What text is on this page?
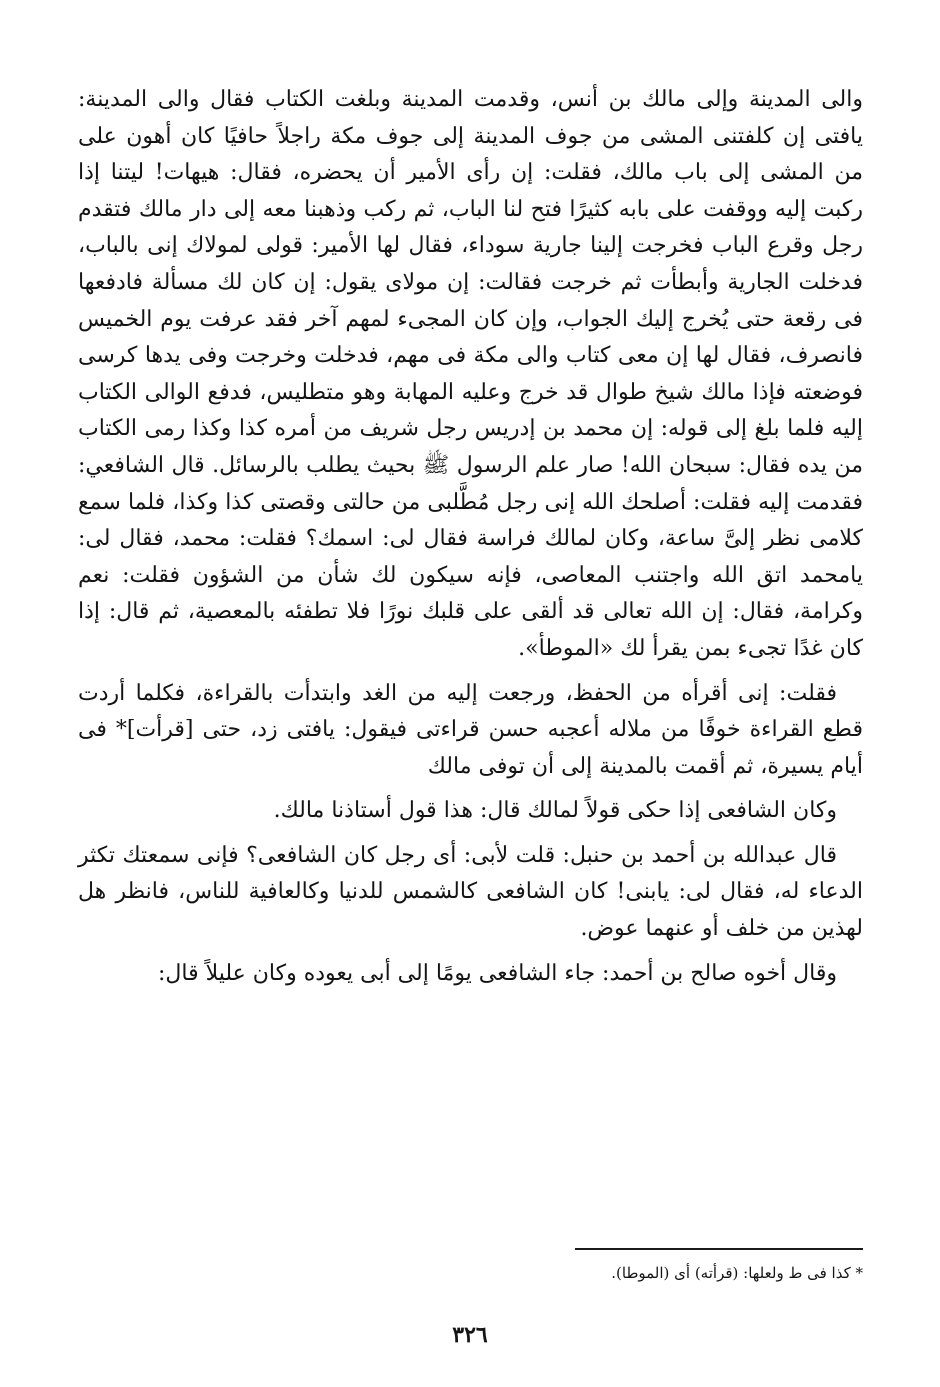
والى المدينة وإلى مالك بن أنس، وقدمت المدينة وبلغت الكتاب فقال والى المدينة: يافتى إن كلفتنى المشى من جوف المدينة إلى جوف مكة راجلاً حافيًا كان أهون على من المشى إلى باب مالك، فقلت: إن رأى الأمير أن يحضره، فقال: هيهات! ليتنا إذا ركبت إليه ووقفت على بابه كثيرًا فتح لنا الباب، ثم ركب وذهبنا معه إلى دار مالك فتقدم رجل وقرع الباب فخرجت إلينا جارية سوداء، فقال لها الأمير: قولى لمولاك إنى بالباب، فدخلت الجارية وأبطأت ثم خرجت فقالت: إن مولاى يقول: إن كان لك مسألة فادفعها فى رقعة حتى يُخرج إليك الجواب، وإن كان المجىء لمهم آخر فقد عرفت يوم الخميس فانصرف، فقال لها إن معى كتاب والى مكة فى مهم، فدخلت وخرجت وفى يدها كرسى فوضعته فإذا مالك شيخ طوال قد خرج وعليه المهابة وهو متطليس، فدفع الوالى الكتاب إليه فلما بلغ إلى قوله: إن محمد بن إدريس رجل شريف من أمره كذا وكذا رمى الكتاب من يده فقال: سبحان الله! صار علم الرسول ﷺ بحيث يطلب بالرسائل. قال الشافعي: فقدمت إليه فقلت: أصلحك الله إنى رجل مُطَّلبى من حالتى وقصتى كذا وكذا، فلما سمع كلامى نظر إلىَّ ساعة، وكان لمالك فراسة فقال لى: اسمك؟ فقلت: محمد، فقال لى: يامحمد اتق الله واجتنب المعاصى، فإنه سيكون لك شأن من الشؤون فقلت: نعم وكرامة، فقال: إن الله تعالى قد ألقى على قلبك نورًا فلا تطفئه بالمعصية، ثم قال: إذا كان غدًا تجىء بمن يقرأ لك «الموطأ».

فقلت: إنى أقرأه من الحفظ، ورجعت إليه من الغد وابتدأت بالقراءة، فكلما أردت قطع القراءة خوفًا من ملاله أعجبه حسن قراءتى فيقول: يافتى زد، حتى [قرأت]* فى أيام يسيرة، ثم أقمت بالمدينة إلى أن توفى مالك

وكان الشافعى إذا حكى قولاً لمالك قال: هذا قول أستاذنا مالك.

قال عبدالله بن أحمد بن حنبل: قلت لأبى: أى رجل كان الشافعى؟ فإنى سمعتك تكثر الدعاء له، فقال لى: يابنى! كان الشافعى كالشمس للدنيا وكالعافية للناس، فانظر هل لهذين من خلف أو عنهما عوض.

وقال أخوه صالح بن أحمد: جاء الشافعى يومًا إلى أبى يعوده وكان عليلاً قال:

* كذا فى ط ولعلها: (قرأته) أى (الموطا).
٣٢٦
